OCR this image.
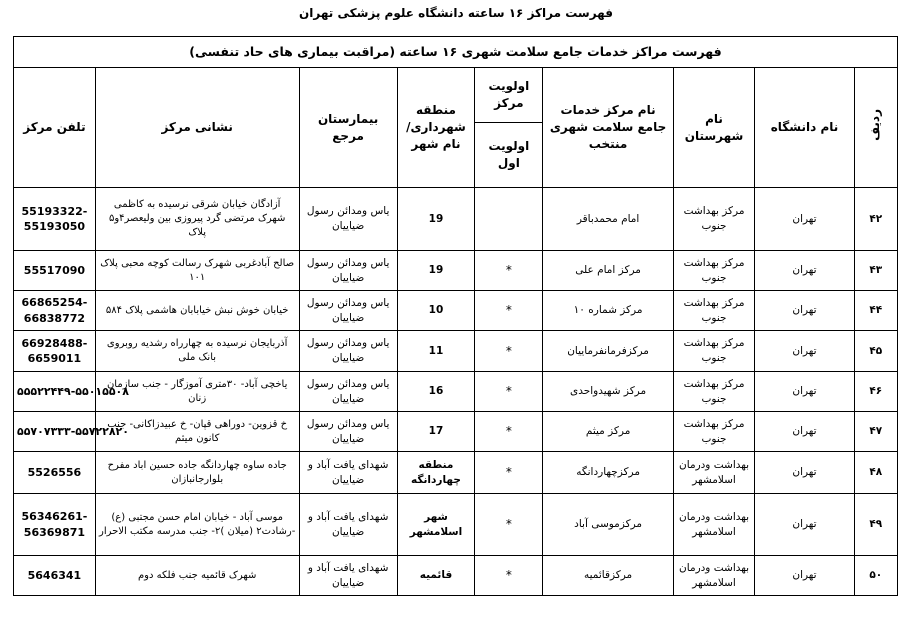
فهرست مراکز ۱۶ ساعته دانشگاه علوم پزشکی تهران
فهرست مراکز خدمات جامع سلامت شهری ۱۶ ساعته (مراقبت بیماری های حاد تنفسی)								
ردیف	نام دانشگاه	نام شهرستان	نام مرکز خدمات جامع سلامت شهری منتخب	اولویت مرکز	منطقه شهرداری/ نام شهر	بیمارستان مرجع	نشانی مرکز	تلفن مرکز
				اولویت اول				
۴۲	تهران	مرکز بهداشت جنوب	امام محمدباقر		19	یاس ومدائن رسول ضیاییان	آزادگان خیابان شرقی نرسیده به کاظمی شهرک مرتضی گرد پیروزی بین ولیعصر۴و۵ پلاک	55193322-55193050
۴۳	تهران	مرکز بهداشت جنوب	مرکز امام علی	*	19	یاس ومدائن رسول ضیاییان	صالح آبادغربی شهرک رسالت کوچه محبی پلاک ۱۰۱	55517090
۴۴	تهران	مرکز بهداشت جنوب	مرکز شماره ۱۰	*	10	یاس ومدائن رسول ضیاییان	خیابان خوش نبش خیابابان هاشمی پلاک ۵۸۴	66865254-66838772
۴۵	تهران	مرکز بهداشت جنوب	مرکزفرمانفرماییان	*	11	یاس ومدائن رسول ضیاییان	آذربایجان نرسیده به چهارراه رشدیه روبروی بانک ملی	66928488-6659011
۴۶	تهران	مرکز بهداشت جنوب	مرکز شهیدواحدی	*	16	یاس ومدائن رسول ضیاییان	یاخچی آباد- ۳۰متری آموزگار - جنب سازمان زنان	۵۵۵۲۲۴۴۹-۵۵۰۱۵۵۰۸
۴۷	تهران	مرکز بهداشت جنوب	مرکز میثم	*	17	یاس ومدائن رسول ضیاییان	خ قزوین- دوراهی قپان- خ عبیدزاکانی- جنب کانون میثم	۵۵۷۰۷۳۳۳-۵۵۷۲۲۸۲۰
۴۸	تهران	بهداشت ودرمان اسلامشهر	مرکزچهاردانگه	*	منطقه چهاردانگه	شهدای یافت آباد و ضیاییان	جاده ساوه چهاردانگه جاده حسین اباد مفرح بلوارجانبازان	5526556
۴۹	تهران	بهداشت ودرمان اسلامشهر	مرکزموسی آباد	*	شهر اسلامشهر	شهدای یافت آباد و ضیاییان	موسی آباد - خیابان امام حسن مجتبی (ع) -رشادت۲ (میلان )۲- جنب مدرسه مکتب الاحرار	56346261-56369871
۵۰	تهران	بهداشت ودرمان اسلامشهر	مرکزقائمیه	*	قائمیه	شهدای یافت آباد و ضیاییان	شهرک قائمیه جنب فلکه دوم	5646341
